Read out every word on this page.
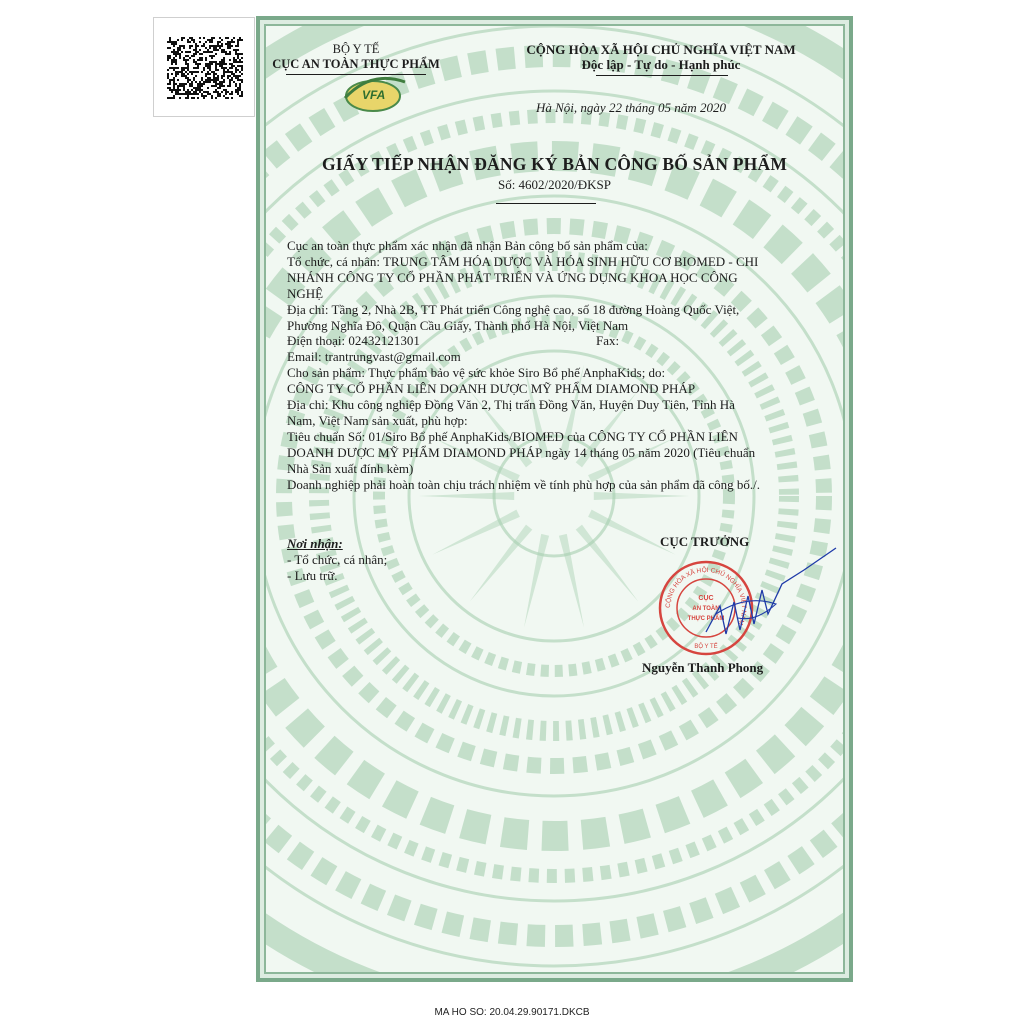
VFA
BỘ Y TẾ
CỤC AN TOÀN THỰC PHẨM
CỘNG HÒA XÃ HỘI CHỦ NGHĨA VIỆT NAM
Độc lập - Tự do - Hạnh phúc
Hà Nội, ngày 22 tháng 05 năm 2020
GIẤY TIẾP NHẬN ĐĂNG KÝ BẢN CÔNG BỐ SẢN PHẨM
Số: 4602/2020/ĐKSP

Cục an toàn thực phẩm xác nhận đã nhận Bản công bố sản phẩm của:

Tổ chức, cá nhân: TRUNG TÂM HÓA DƯỢC VÀ HÓA SINH HỮU CƠ BIOMED - CHI

NHÁNH CÔNG TY CỔ PHẦN PHÁT TRIỂN VÀ ỨNG DỤNG KHOA HỌC CÔNG

NGHỆ

Địa chỉ: Tầng 2, Nhà 2B, TT Phát triển Công nghệ cao, số 18 đường Hoàng Quốc Việt,

Phường Nghĩa Đô, Quận Cầu Giấy, Thành phố Hà Nội, Việt Nam

Điện thoại: 02432121301	Fax:

Email: trantrungvast@gmail.com

Cho sản phẩm: Thực phẩm bảo vệ sức khỏe Siro Bổ phế AnphaKids; do:

CÔNG TY CỔ PHẦN LIÊN DOANH DƯỢC MỸ PHẨM DIAMOND PHÁP

Địa chỉ: Khu công nghiệp Đồng Văn 2, Thị trấn Đồng Văn, Huyện Duy Tiên, Tỉnh Hà

Nam, Việt Nam sản xuất, phù hợp:

Tiêu chuẩn Số: 01/Siro Bổ phế AnphaKids/BIOMED của CÔNG TY CỔ PHẦN LIÊN

DOANH DƯỢC MỸ PHẨM DIAMOND PHÁP ngày 14 tháng 05 năm 2020 (Tiêu chuẩn

Nhà Sản xuất đính kèm)

Doanh nghiệp phải hoàn toàn chịu trách nhiệm về tính phù hợp của sản phẩm đã công bố./.

Nơi nhận:
- Tổ chức, cá nhân;
- Lưu trữ.
CỤC TRƯỞNG
CỘNG HÒA XÃ HỘI CHỦ NGHĨA VIỆT NAM
CỤC
AN TOÀN
THỰC PHẨM
BỘ Y TẾ
Nguyễn Thanh Phong
MA HO SO: 20.04.29.90171.DKCB
